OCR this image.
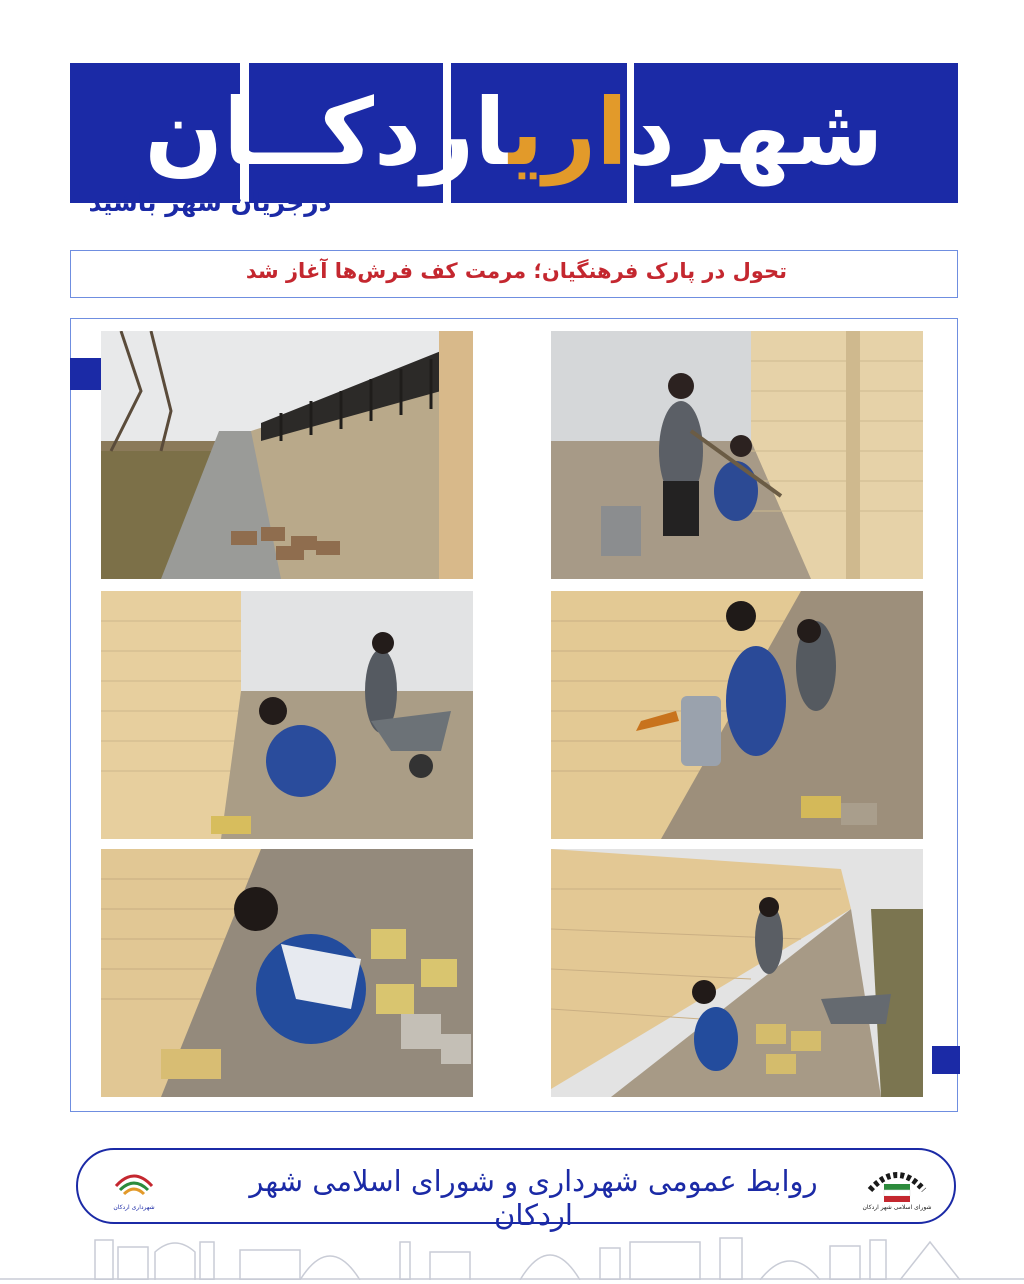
شهرداریاردکــان
درجریان شهر باشید
تحول در پارک فرهنگیان؛ مرمت کف فرش‌ها آغاز شد
شهرداری اردکان
روابط عمومی شهرداری و شورای اسلامی شهر اردکان	شورای اسلامی شهر اردکان
